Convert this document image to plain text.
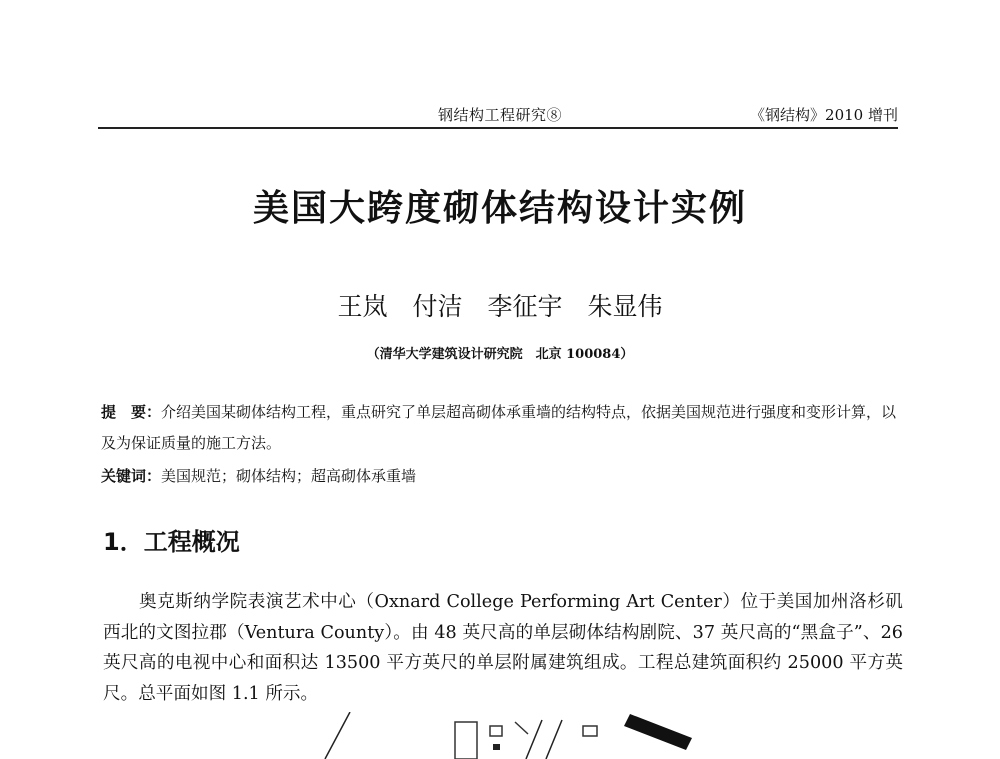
钢结构工程研究⑧	《钢结构》2010 增刊
美国大跨度砌体结构设计实例
王岚　付洁　李征宇　朱显伟
（清华大学建筑设计研究院　北京 100084）
提　要：介绍美国某砌体结构工程，重点研究了单层超高砌体承重墙的结构特点，依据美国规范进行强度和变形计算，以及为保证质量的施工方法。
关键词：美国规范；砌体结构；超高砌体承重墙
1．工程概况
奥克斯纳学院表演艺术中心（Oxnard College Performing Art Center）位于美国加州洛杉矶西北的文图拉郡（Ventura County）。由 48 英尺高的单层砌体结构剧院、37 英尺高的“黑盒子”、26 英尺高的电视中心和面积达 13500 平方英尺的单层附属建筑组成。工程总建筑面积约 25000 平方英尺。总平面如图 1.1 所示。
